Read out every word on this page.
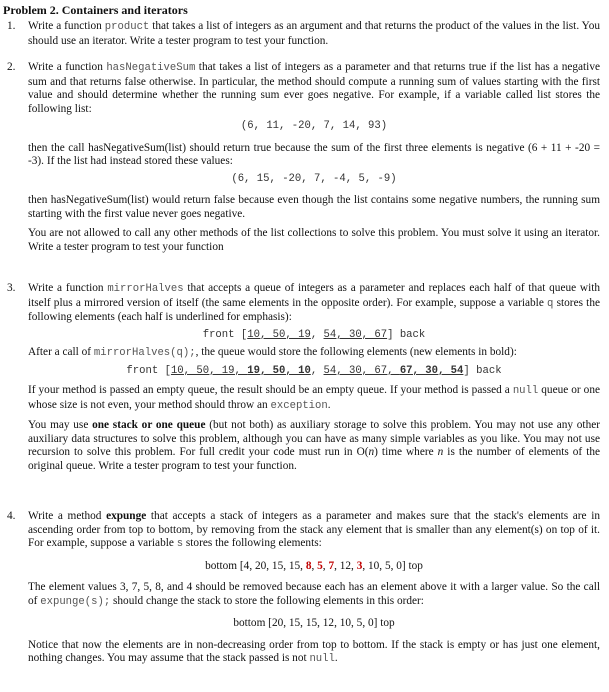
Problem 2. Containers and iterators
1. Write a function product that takes a list of integers as an argument and that returns the product of the values in the list. You should use an iterator. Write a tester program to test your function.

2. Write a function hasNegativeSum that takes a list of integers as a parameter and that returns true if the list has a negative sum and that returns false otherwise. In particular, the method should compute a running sum of values starting with the first value and should determine whether the running sum ever goes negative. For example, if a variable called list stores the following list:

(6, 11, -20, 7, 14, 93)

then the call hasNegativeSum(list) should return true because the sum of the first three elements is negative (6 + 11 + -20 = -3). If the list had instead stored these values:

(6, 15, -20, 7, -4, 5, -9)

then hasNegativeSum(list) would return false because even though the list contains some negative numbers, the running sum starting with the first value never goes negative.

You are not allowed to call any other methods of the list collections to solve this problem. You must solve it using an iterator. Write a tester program to test your function

3. Write a function mirrorHalves that accepts a queue of integers as a parameter and replaces each half of that queue with itself plus a mirrored version of itself (the same elements in the opposite order). For example, suppose a variable q stores the following elements (each half is underlined for emphasis):

front [10, 50, 19, 54, 30, 67] back

After a call of mirrorHalves(q);, the queue would store the following elements (new elements in bold):

front [10, 50, 19, 19, 50, 10, 54, 30, 67, 67, 30, 54] back

If your method is passed an empty queue, the result should be an empty queue. If your method is passed a null queue or one whose size is not even, your method should throw an exception.

You may use one stack or one queue (but not both) as auxiliary storage to solve this problem. You may not use any other auxiliary data structures to solve this problem, although you can have as many simple variables as you like. You may not use recursion to solve this problem. For full credit your code must run in O(n) time where n is the number of elements of the original queue. Write a tester program to test your function.

4. Write a method expunge that accepts a stack of integers as a parameter and makes sure that the stack's elements are in ascending order from top to bottom, by removing from the stack any element that is smaller than any element(s) on top of it. For example, suppose a variable s stores the following elements:

bottom [4, 20, 15, 15, 8, 5, 7, 12, 3, 10, 5, 0] top

The element values 3, 7, 5, 8, and 4 should be removed because each has an element above it with a larger value. So the call of expunge(s); should change the stack to store the following elements in this order:

bottom [20, 15, 15, 12, 10, 5, 0] top

Notice that now the elements are in non-decreasing order from top to bottom. If the stack is empty or has just one element, nothing changes. You may assume that the stack passed is not null.
